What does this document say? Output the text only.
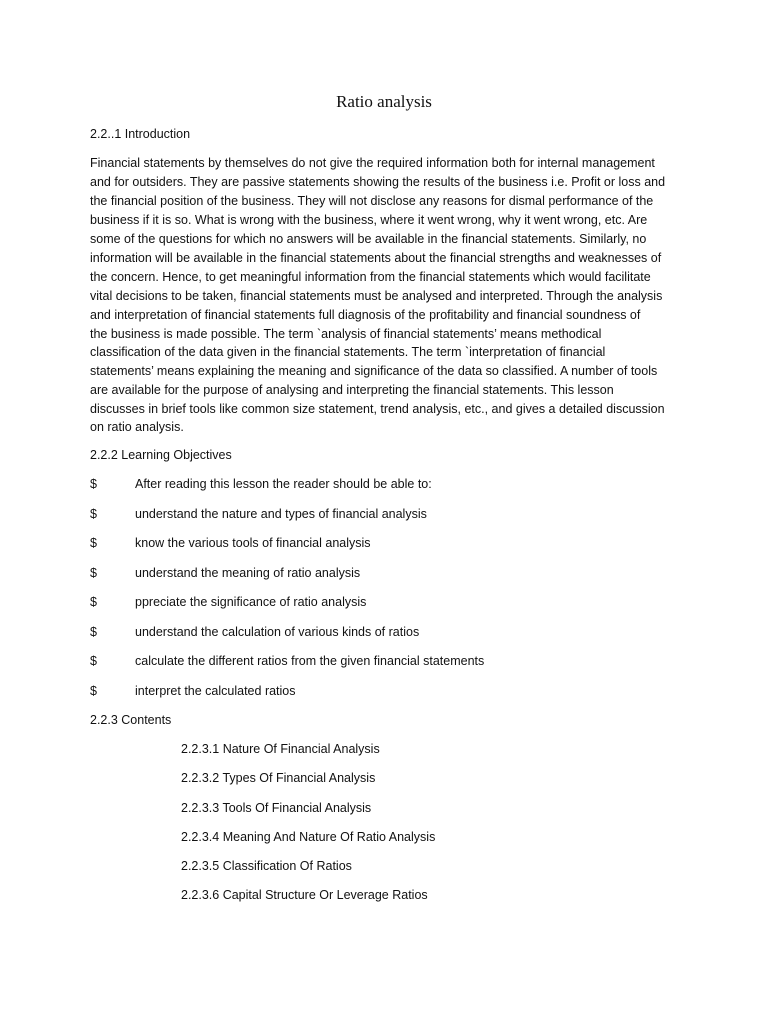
Ratio analysis
2.2..1 Introduction
Financial statements by themselves do not give the required information both for internal management
and for outsiders. They are passive statements showing the results of the business i.e. Profit or loss and
the financial position of the business. They will not disclose any reasons for dismal performance of the
business if it is so. What is wrong with the business, where it went wrong, why it went wrong, etc. Are
some of the questions for which no answers will be available in the financial statements. Similarly, no
information will be available in the financial statements about the financial strengths and weaknesses of
the concern. Hence, to get meaningful information from the financial statements which would facilitate
vital decisions to be taken, financial statements must be analysed and interpreted. Through the analysis
and interpretation of financial statements full diagnosis of the profitability and financial soundness of
the business is made possible. The term `analysis of financial statements’ means methodical
classification of the data given in the financial statements. The term `interpretation of financial
statements’ means explaining the meaning and significance of the data so classified. A number of tools
are available for the purpose of analysing and interpreting the financial statements. This lesson
discusses in brief tools like common size statement, trend analysis, etc., and gives a detailed discussion
on ratio analysis.
2.2.2 Learning Objectives
$	After reading this lesson the reader should be able to:
$	understand the nature and types of financial analysis
$	know the various tools of financial analysis
$	understand the meaning of ratio analysis
$	ppreciate the significance of ratio analysis
$	understand the calculation of various kinds of ratios
$	calculate the different ratios from the given financial statements
$	interpret the calculated ratios
2.2.3 Contents
2.2.3.1 Nature Of Financial Analysis
2.2.3.2 Types Of Financial Analysis
2.2.3.3 Tools Of Financial Analysis
2.2.3.4 Meaning And Nature Of Ratio Analysis
2.2.3.5 Classification Of Ratios
2.2.3.6 Capital Structure Or Leverage Ratios
